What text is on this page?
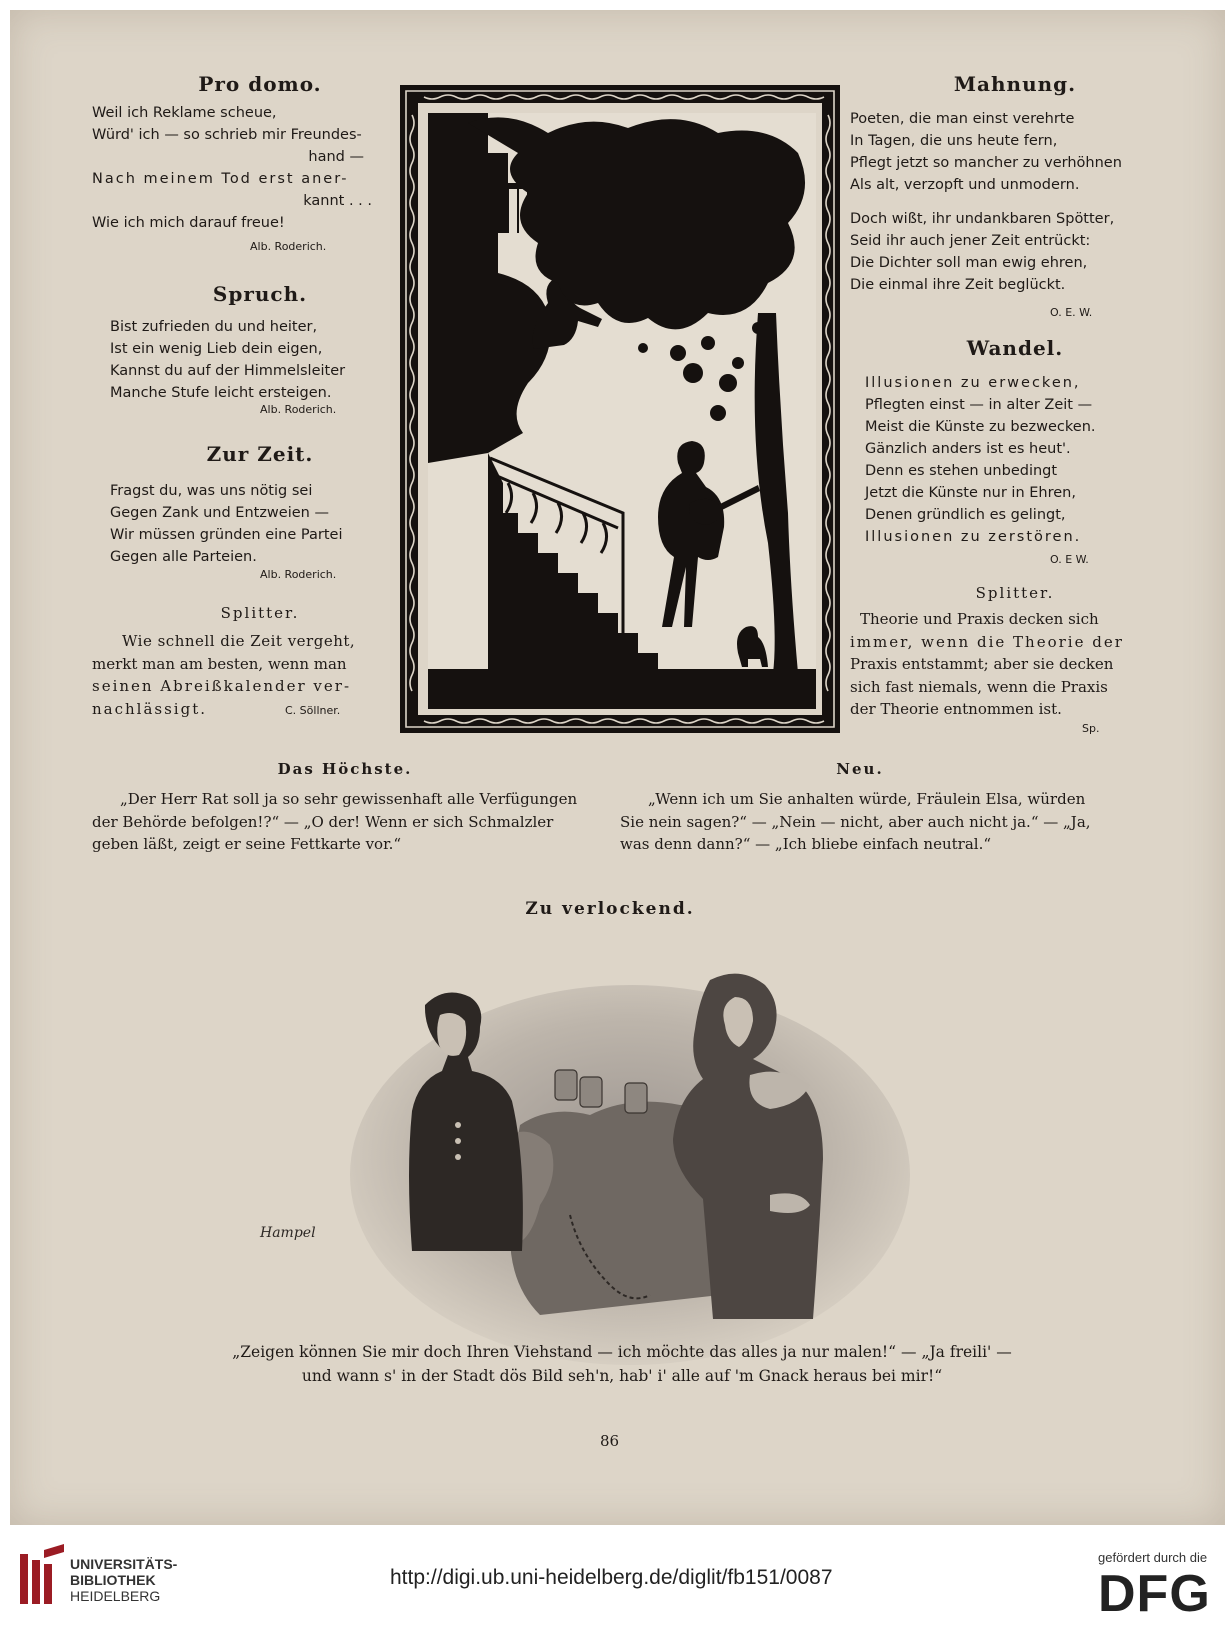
Pro domo.
Weil ich Reklame scheue,
Würd' ich — so schrieb mir Freundes-
hand —
Nach meinem Tod erst aner-
kannt . . .
Wie ich mich darauf freue!
Alb. Roderich.
Spruch.
Bist zufrieden du und heiter,
Ist ein wenig Lieb dein eigen,
Kannst du auf der Himmelsleiter
Manche Stufe leicht ersteigen.
Alb. Roderich.
Zur Zeit.
Fragst du, was uns nötig sei
Gegen Zank und Entzweien —
Wir müssen gründen eine Partei
Gegen alle Parteien.
Alb. Roderich.
Splitter.
Wie schnell die Zeit vergeht,
merkt man am besten, wenn man
seinen Abreißkalender ver-
nachlässigt.	C. Söllner.
Mahnung.
Poeten, die man einst verehrte
In Tagen, die uns heute fern,
Pflegt jetzt so mancher zu verhöhnen
Als alt, verzopft und unmodern.
Doch wißt, ihr undankbaren Spötter,
Seid ihr auch jener Zeit entrückt:
Die Dichter soll man ewig ehren,
Die einmal ihre Zeit beglückt.
O. E. W.
Wandel.
Illusionen zu erwecken,
Pflegten einst — in alter Zeit —
Meist die Künste zu bezwecken.
Gänzlich anders ist es heut'.
Denn es stehen unbedingt
Jetzt die Künste nur in Ehren,
Denen gründlich es gelingt,
Illusionen zu zerstören.
O. E W.
Splitter.
Theorie und Praxis decken sich
immer, wenn die Theorie der
Praxis entstammt; aber sie decken
sich fast niemals, wenn die Praxis
der Theorie entnommen ist.
Sp.
Das Höchste.
„Der Herr Rat soll ja so sehr gewissenhaft alle Verfügungen
der Behörde befolgen!?“ — „O der! Wenn er sich Schmalzler
geben läßt, zeigt er seine Fettkarte vor.“
Neu.
„Wenn ich um Sie anhalten würde, Fräulein Elsa, würden
Sie nein sagen?“ — „Nein — nicht, aber auch nicht ja.“ — „Ja,
was denn dann?“ — „Ich bliebe einfach neutral.“
Zu verlockend.
Hampel
„Zeigen können Sie mir doch Ihren Viehstand — ich möchte das alles ja nur malen!“ — „Ja freili' —
und wann s' in der Stadt dös Bild seh'n, hab' i' alle auf 'm Gnack heraus bei mir!“
86
UNIVERSITÄTS-
BIBLIOTHEK
HEIDELBERG
http://digi.ub.uni-heidelberg.de/diglit/fb151/0087
gefördert durch die
DFG
